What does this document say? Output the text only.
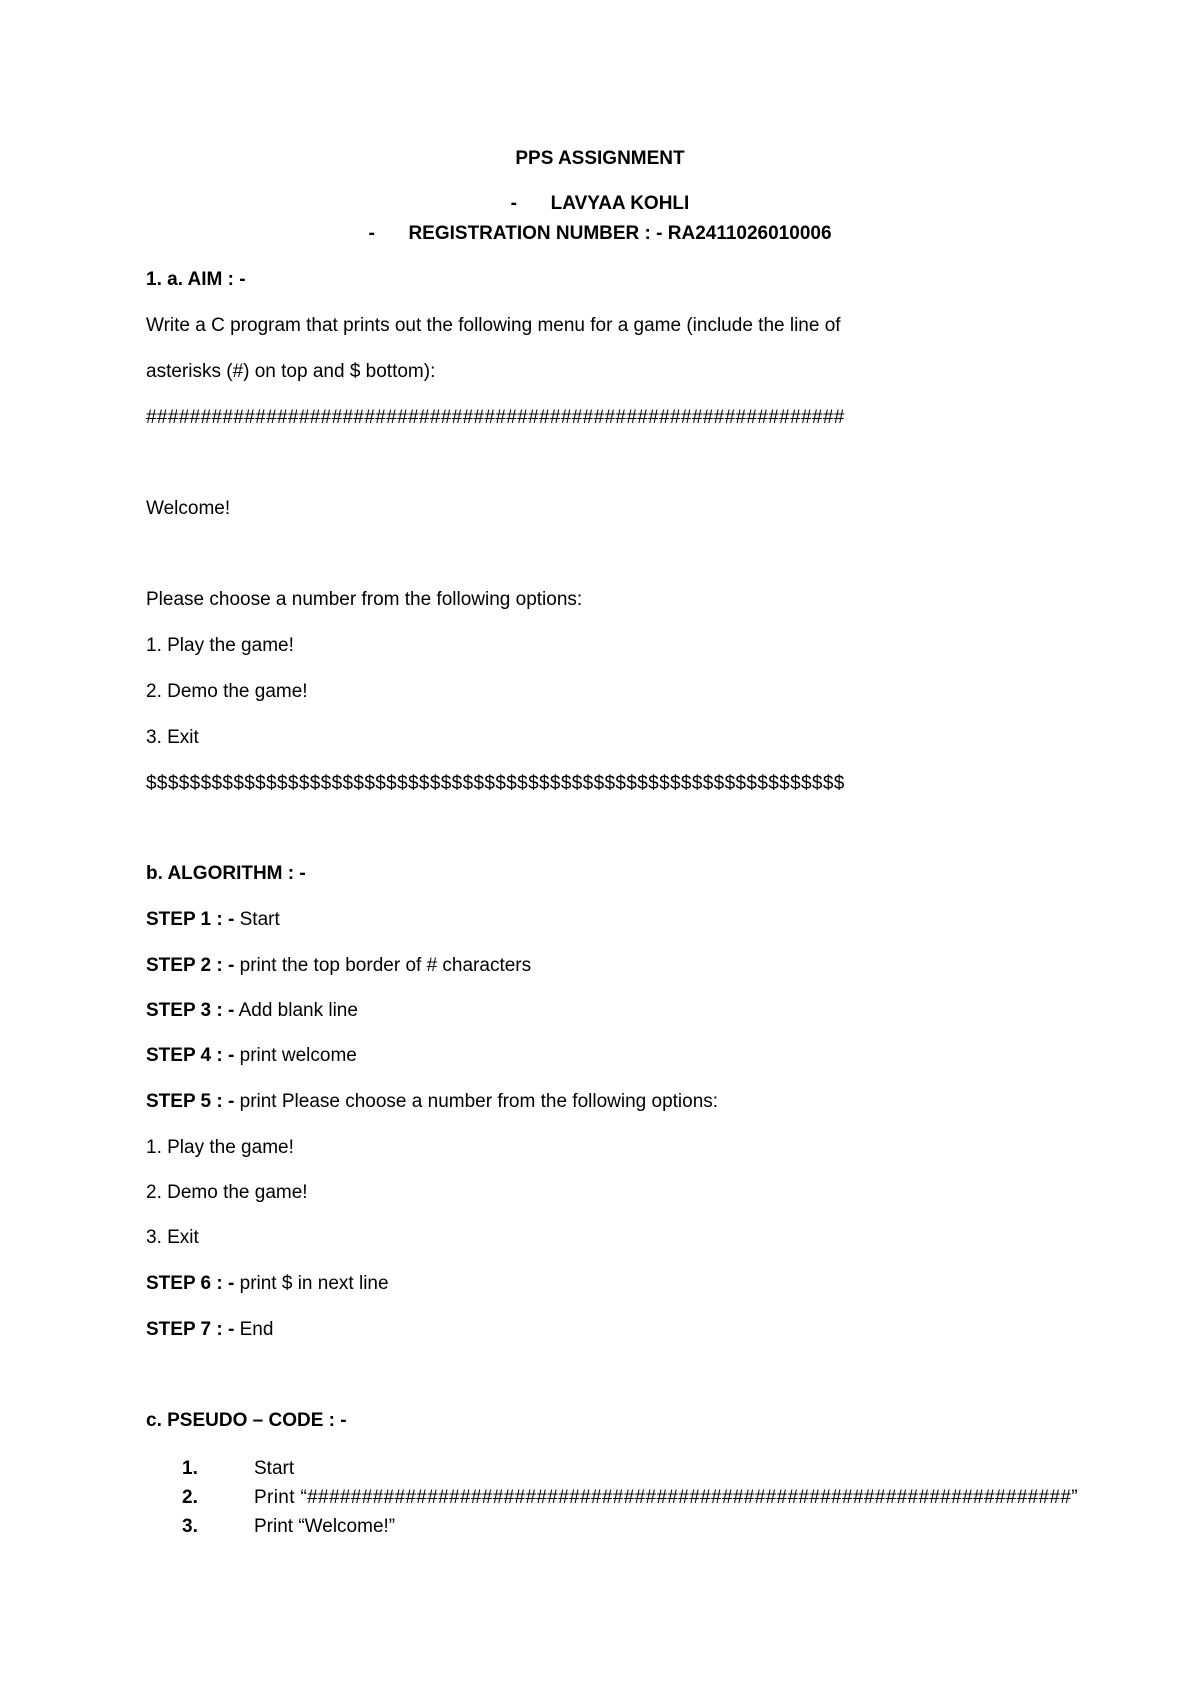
PPS ASSIGNMENT
- LAVYAA KOHLI
- REGISTRATION NUMBER : - RA2411026010006
1. a. AIM : -
Write a C program that prints out the following menu for a game (include the line of
asterisks (#) on top and $ bottom):
################################################################
Welcome!
Please choose a number from the following options:
1. Play the game!
2. Demo the game!
3. Exit
$$$$$$$$$$$$$$$$$$$$$$$$$$$$$$$$$$$$$$$$$$$$$$$$$$$$$$$$$$$$$$$$
b. ALGORITHM : -
STEP 1 : - Start
STEP 2 : - print the top border of # characters
STEP 3 : - Add blank line
STEP 4 : - print welcome
STEP 5 : - print Please choose a number from the following options:
1. Play the game!
2. Demo the game!
3. Exit
STEP 6 : - print $ in next line
STEP 7 : - End
c. PSEUDO – CODE : -
1.	Start
2.	Print “######################################################################”
3.	Print “Welcome!”
